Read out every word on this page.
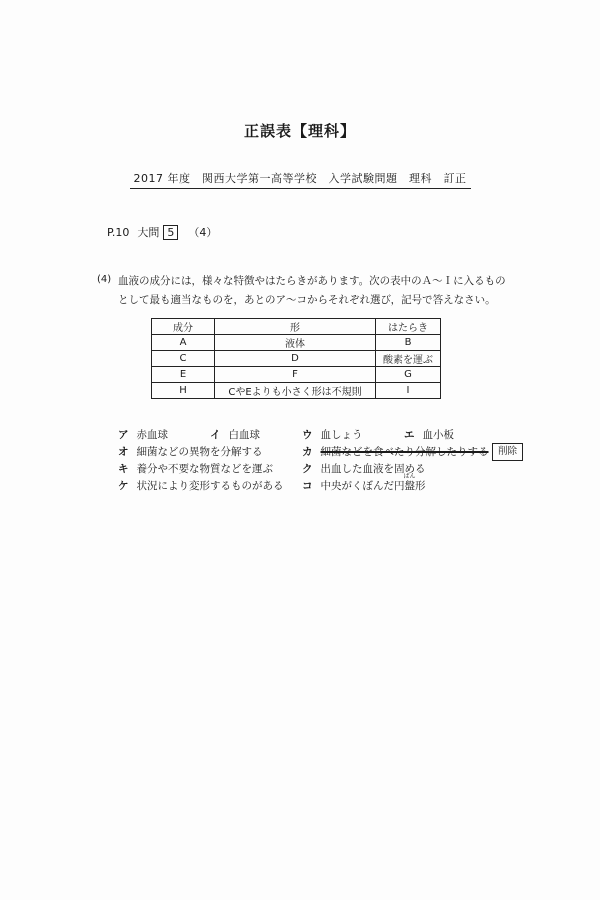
正誤表【理科】
2017 年度　関西大学第一高等学校　入学試験問題　理科　訂正
P.10 大問 5 （4）
(4) 血液の成分には，様々な特徴やはたらきがあります。次の表中のＡ～Ｉに入るものとして最も適当なものを，あとのア～コからそれぞれ選び，記号で答えなさい。
成分	形	はたらき
A	液体	B
C	D	酸素を運ぶ
E	F	G
H	CやEよりも小さく形は不規則	I
ア 赤血球	イ 白血球	ウ 血しょう	エ 血小板
オ 細菌などの異物を分解する	カ 細菌などを食べたり分解したりする
キ 養分や不要な物質などを運ぶ	ク 出血した血液を固める
ケ 状況により変形するものがある コ 中央がくぼんだ円
ばん
盤形
削除
